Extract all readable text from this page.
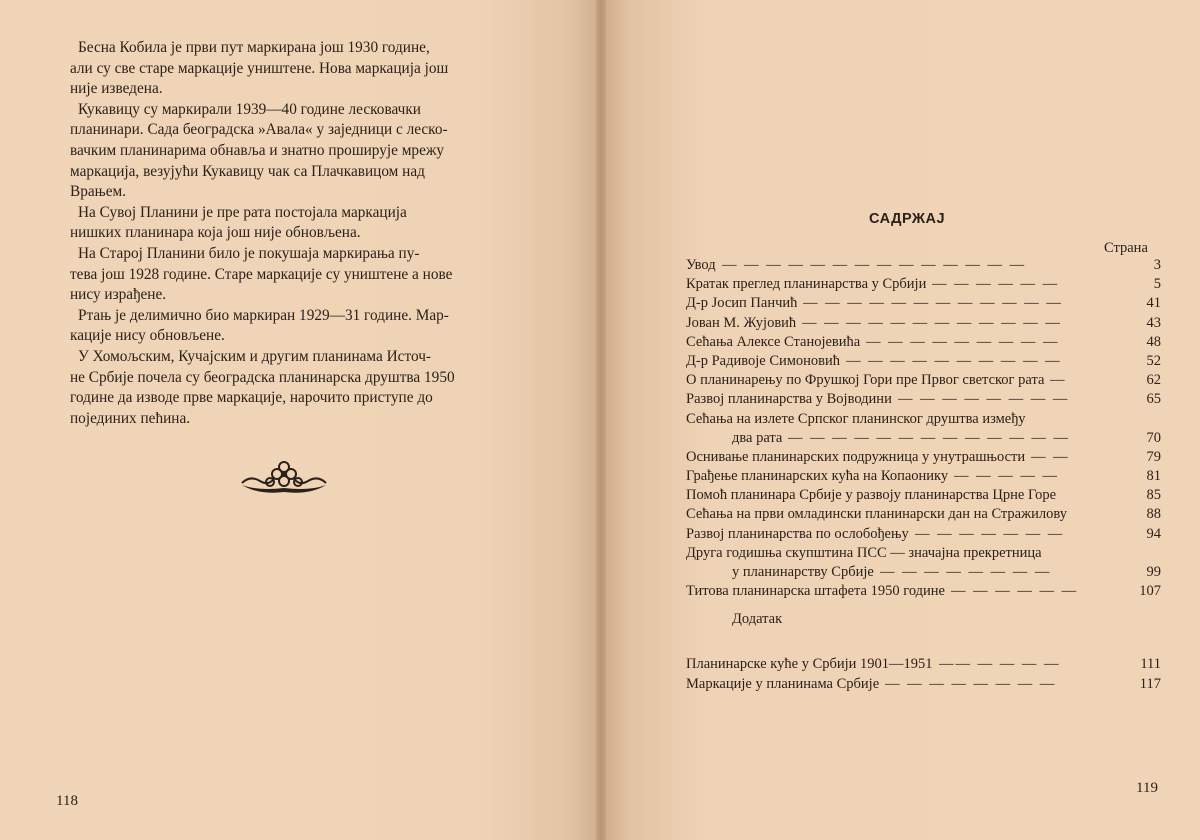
Бесна Кобила је први пут маркирана још 1930 године,
али су све старе маркације уништене. Нова маркација још
није изведена.
Кукавицу су маркирали 1939—40 године лесковачки
планинари. Сада београдска »Авала« у заједници с леско-
вачким планинарима обнавља и знатно проширује мрежу
маркација, везујући Кукавицу чак са Плачкавицом над
Врањем.
На Сувој Планини је пре рата постојала маркација
нишких планинара која још није обновљена.
На Старој Планини било је покушаја маркирања пу-
тева још 1928 године. Старе маркације су уништене а нове
нису израђене.
Ртањ је делимично био маркиран 1929—31 године. Мар-
кације нису обновљене.
У Хомољским, Кучајским и другим планинама Источ-
не Србије почела су београдска планинарска друштва 1950
године да изводе прве маркације, нарочито приступе до
појединих пећина.
118
САДРЖАЈ
Страна
Увод — — — — — — — — — — — — — —	3
Кратак преглед планинарства у Србији — — — — — —	5
Д-р Јосип Панчић — — — — — — — — — — — —	41
Јован М. Жујовић — — — — — — — — — — — —	43
Сећања Алексе Станојевића — — — — — — — — —	48
Д-р Радивоје Симоновић — — — — — — — — — —	52
О планинарењу по Фрушкој Гори пре Првог светског рата —	62
Развој планинарства у Војводини — — — — — — — —	65
Сећања на излете Српског планинског друштва између
два рата — — — — — — — — — — — — —	70
Оснивање планинарских подружница у унутрашњости — —	79
Грађење планинарских кућа на Копаонику — — — — —	81
Помоћ планинара Србије у развоју планинарства Црне Горе	85
Сећања на први омладински планинарски дан на Стражилову	88
Развој планинарства по ослобођењу — — — — — — —	94
Друга годишња скупштина ПСС — значајна прекретница
у планинарству Србије — — — — — — — —	99
Титова планинарска штафета 1950 године — — — — — —	107
Додатак
Планинарске куће у Србији 1901—1951 —— — — — —	111
Маркације у планинама Србије — — — — — — — —	117
119
